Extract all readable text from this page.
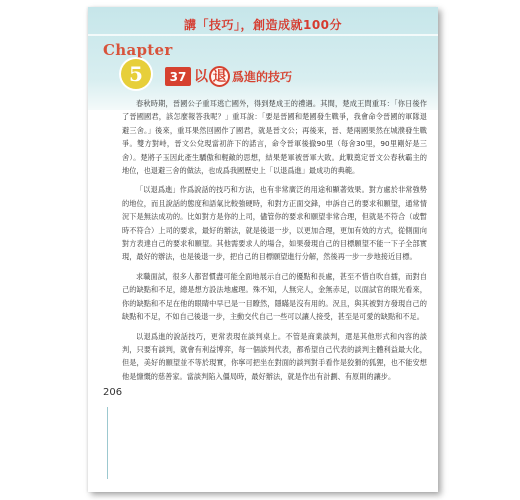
講「技巧」，創造成就100分
Chapter
5	37 以 退 爲進的技巧

春秋時期，晉國公子重耳逃亡國外，得到楚成王的禮遇。其間，楚成王問重耳：「你日後作了晉國國君，該怎麼報答我呢？」重耳說：「要是晉國和楚國發生戰爭，我會命令晉國的軍隊退避三舍。」後來，重耳果然回國作了國君，就是晉文公；再後來，晉、楚兩國果然在城濮發生戰爭。雙方對峙，晉文公兌現當初許下的諾言，命令晉軍後撤90里（每舍30里，90里剛好是三舍）。楚將子玉因此產生驕傲和輕敵的思想，結果楚軍被晉軍大敗。此戰奠定晉文公春秋霸主的地位，也退避三舍的做法，也成爲我國歷史上「以退爲進」最成功的典範。

「以退爲進」作爲說話的技巧和方法，也有非常廣泛的用途和顯著效果。對方處於非常強勢的地位，而且說話的態度和語氣比較強硬時，和對方正面交鋒，申訴自己的要求和願望，通常情況下是無法成功的。比如對方是你的上司，儘管你的要求和願望非常合理，但就是不符合（或暫時不符合）上司的要求，最好的辦法，就是後退一步，以更加合理，更加有效的方式，從側面向對方表達自己的要求和願望。其他需要求人的場合，如果發現自己的目標願望不能一下子全部實現，最好的辦法，也是後退一步，把自己的目標願望進行分解，然後再一步一步地接近目標。

求職面試，很多人都習慣盡可能全面地展示自己的優點和長處，甚至不惜自吹自擂，而對自己的缺點和不足，總是想方設法地處理。殊不知，人無完人，金無赤足，以面試官的眼光看來，你的缺點和不足在他的眼睛中早已是一目瞭然，隱瞞是沒有用的。況且，與其被對方發現自己的缺點和不足，不如自己後退一步，主動交代自己一些可以讓人接受，甚至是可愛的缺點和不足。

以退爲進的說話技巧，更常表現在談判桌上。不管是商業談判，還是其他形式和內容的談判，只要有談判，就會有利益博弈，每一個談判代表，都希望自己代表的談判主體利益最大化，但是，美好的願望並不等於現實，你寧可把坐在對面的談判對手看作是狡猾的狐狸，也不能安想他是慷慨的慈善家。當談判陷入僵局時，最好辦法，就是作出有計劃、有原則的讓步。

206
